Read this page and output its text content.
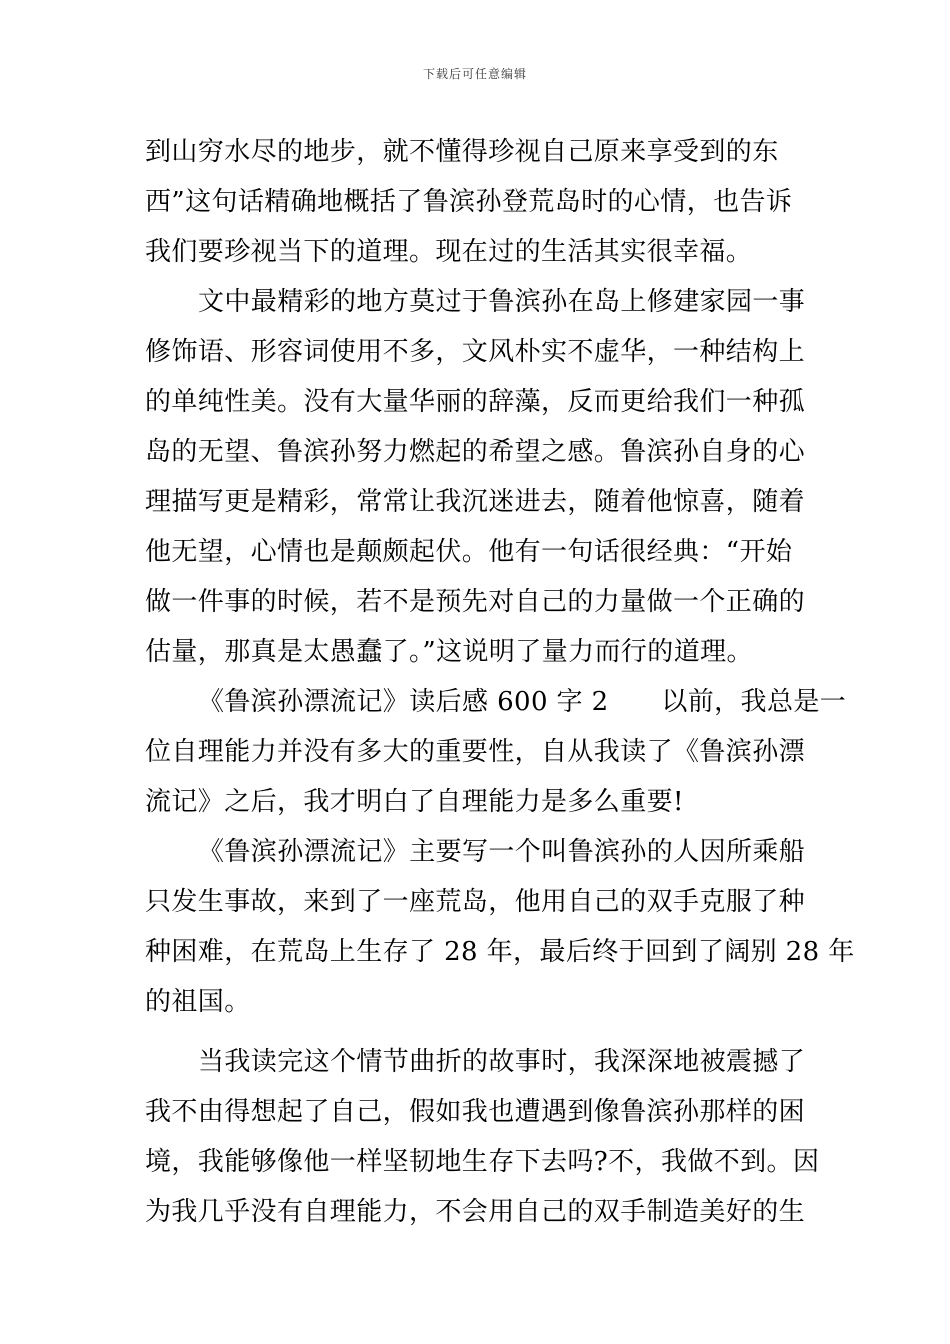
下载后可任意编辑
到山穷水尽的地步，就不懂得珍视自己原来享受到的东
西”这句话精确地概括了鲁滨孙登荒岛时的心情，也告诉
我们要珍视当下的道理。现在过的生活其实很幸福。
文中最精彩的地方莫过于鲁滨孙在岛上修建家园一事
修饰语、形容词使用不多，文风朴实不虚华，一种结构上
的单纯性美。没有大量华丽的辞藻，反而更给我们一种孤
岛的无望、鲁滨孙努力燃起的希望之感。鲁滨孙自身的心
理描写更是精彩，常常让我沉迷进去，随着他惊喜，随着
他无望，心情也是颠颇起伏。他有一句话很经典：“开始
做一件事的时候，若不是预先对自己的力量做一个正确的
估量，那真是太愚蠢了。”这说明了量力而行的道理。
《鲁滨孙漂流记》读后感 600 字 2　　以前，我总是一
位自理能力并没有多大的重要性，自从我读了《鲁滨孙漂
流记》之后，我才明白了自理能力是多么重要!
《鲁滨孙漂流记》主要写一个叫鲁滨孙的人因所乘船
只发生事故，来到了一座荒岛，他用自己的双手克服了种
种困难，在荒岛上生存了 28 年，最后终于回到了阔别 28 年
的祖国。
当我读完这个情节曲折的故事时，我深深地被震撼了
我不由得想起了自己，假如我也遭遇到像鲁滨孙那样的困
境，我能够像他一样坚韧地生存下去吗?不，我做不到。因
为我几乎没有自理能力，不会用自己的双手制造美好的生
